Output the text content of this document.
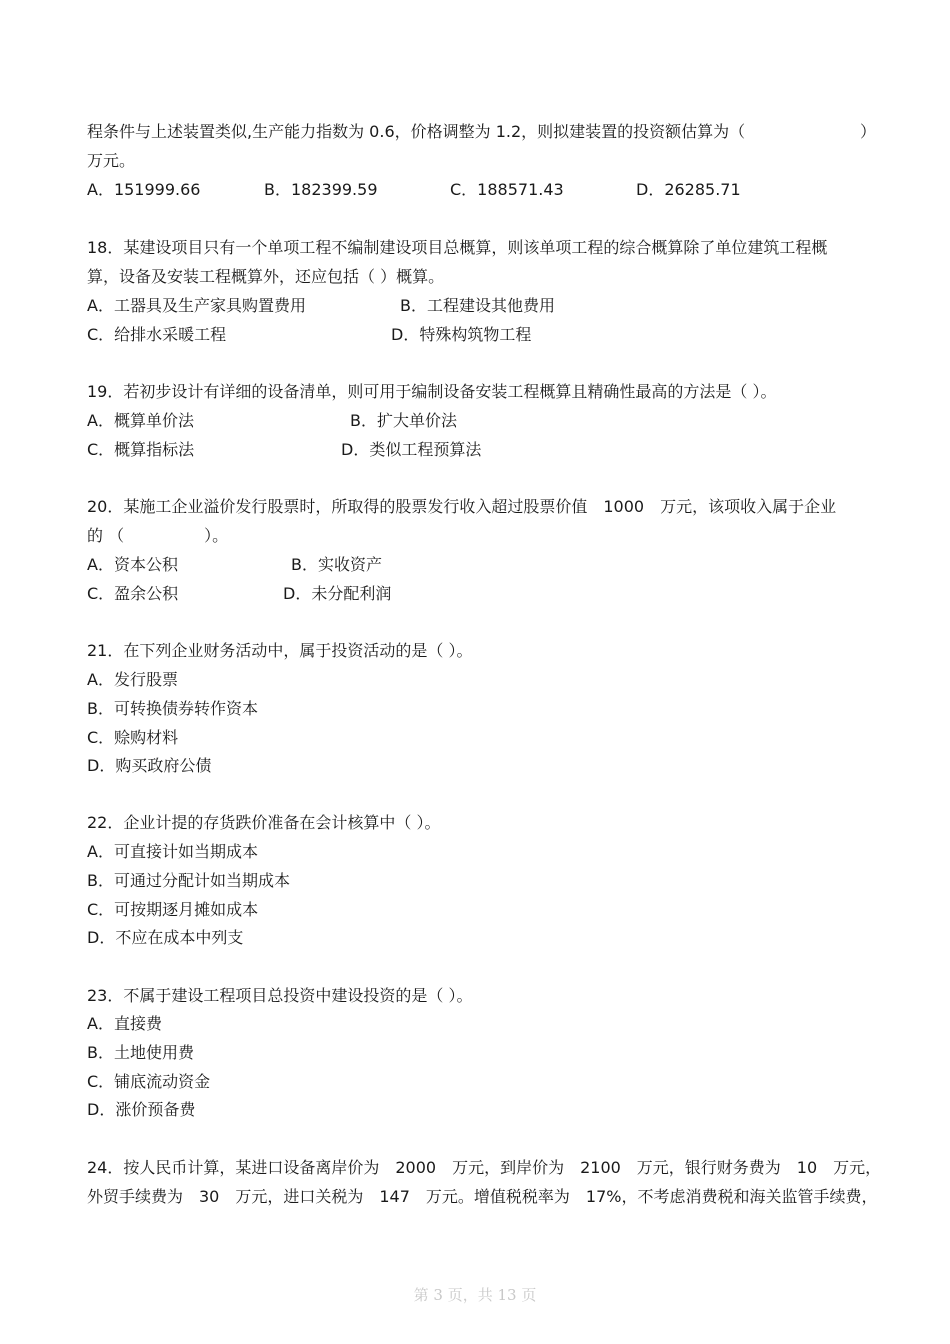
程条件与上述装置类似,生产能力指数为 0.6，价格调整为 1.2，则拟建装置的投资额估算为（	）
万元。
A．151999.66	B．182399.59	C．188571.43	D．26285.71
18．某建设项目只有一个单项工程不编制建设项目总概算，则该单项工程的综合概算除了单位建筑工程概
算，设备及安装工程概算外，还应包括（ ）概算。
A．工器具及生产家具购置费用	B．工程建设其他费用
C．给排水采暖工程	D．特殊构筑物工程
19．若初步设计有详细的设备清单，则可用于编制设备安装工程概算且精确性最高的方法是（ ）。
A．概算单价法	B．扩大单价法
C．概算指标法	D．类似工程预算法
20．某施工企业溢价发行股票时，所取得的股票发行收入超过股票价值　1000　万元，该项收入属于企业
的 （　　　　　）。
A．资本公积	B．实收资产
C．盈余公积	D．未分配利润
21．在下列企业财务活动中，属于投资活动的是（ ）。
A．发行股票
B．可转换债券转作资本
C．赊购材料
D．购买政府公债
22．企业计提的存货跌价准备在会计核算中（ ）。
A．可直接计如当期成本
B．可通过分配计如当期成本
C．可按期逐月摊如成本
D．不应在成本中列支
23．不属于建设工程项目总投资中建设投资的是（ ）。
A．直接费
B．土地使用费
C．铺底流动资金
D．涨价预备费
24．按人民币计算，某进口设备离岸价为　2000　万元，到岸价为　2100　万元，银行财务费为　10　万元，
外贸手续费为　30　万元，进口关税为　147　万元。增值税税率为　17%，不考虑消费税和海关监管手续费，
第 3 页，共 13 页
